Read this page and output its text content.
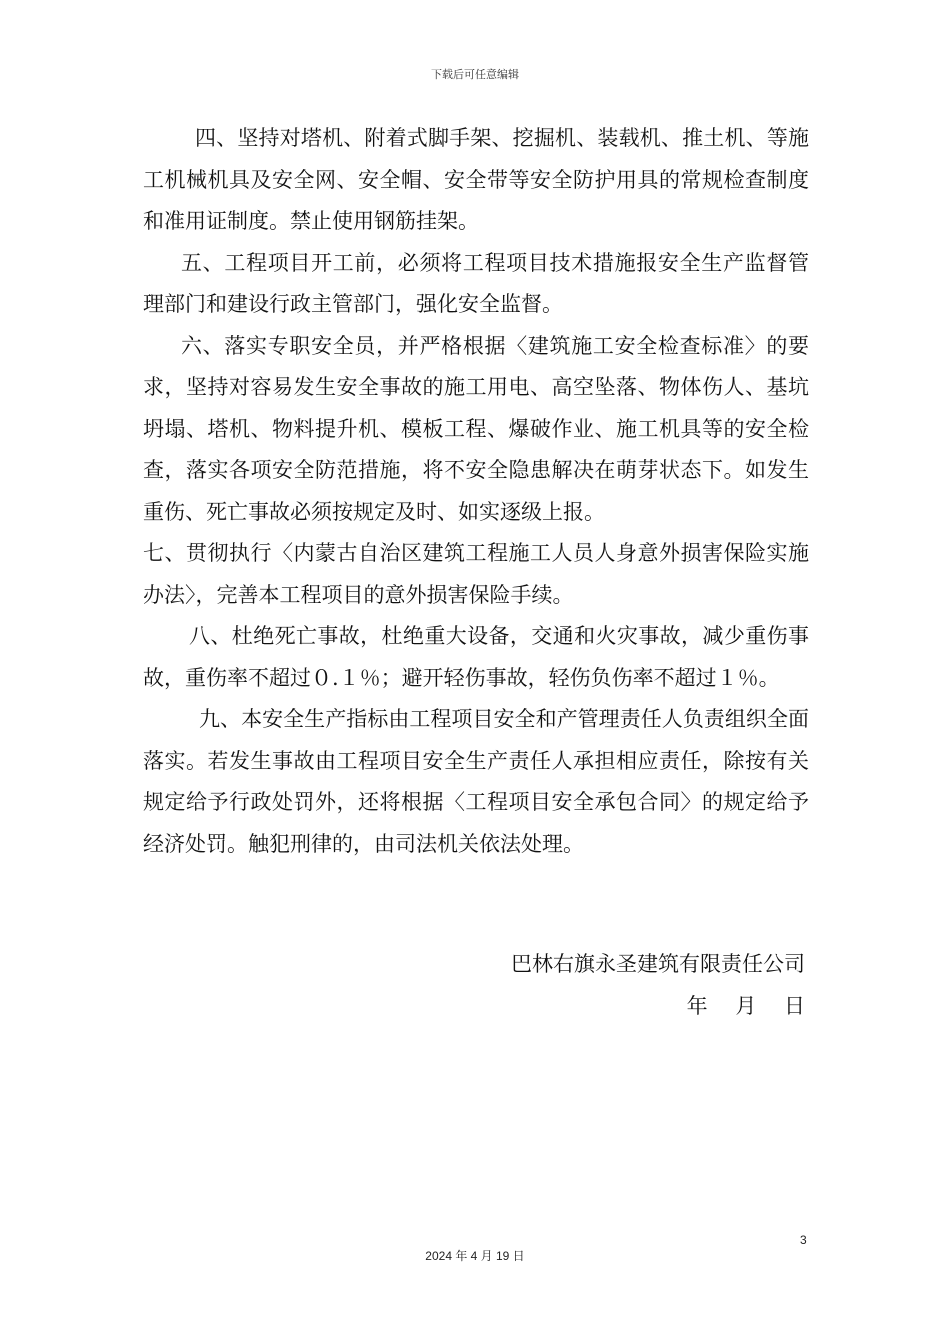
下载后可任意编辑

四、坚持对塔机、附着式脚手架、挖掘机、装载机、推土机、等施工机械机具及安全网、安全帽、安全带等安全防护用具的常规检查制度和准用证制度。禁止使用钢筋挂架。

五、工程项目开工前，必须将工程项目技术措施报安全生产监督管理部门和建设行政主管部门，强化安全监督。

六、落实专职安全员，并严格根据〈建筑施工安全检查标准〉的要求，坚持对容易发生安全事故的施工用电、高空坠落、物体伤人、基坑坍塌、塔机、物料提升机、模板工程、爆破作业、施工机具等的安全检查，落实各项安全防范措施，将不安全隐患解决在萌芽状态下。如发生重伤、死亡事故必须按规定及时、如实逐级上报。

七、贯彻执行〈内蒙古自治区建筑工程施工人员人身意外损害保险实施办法〉，完善本工程项目的意外损害保险手续。

八、杜绝死亡事故，杜绝重大设备，交通和火灾事故，减少重伤事故，重伤率不超过０.１％；避开轻伤事故，轻伤负伤率不超过１％。

九、本安全生产指标由工程项目安全和产管理责任人负责组织全面落实。若发生事故由工程项目安全生产责任人承担相应责任，除按有关规定给予行政处罚外，还将根据〈工程项目安全承包合同〉的规定给予经济处罚。触犯刑律的，由司法机关依法处理。

巴林右旗永圣建筑有限责任公司
年　 月　 日
3
2024 年 4 月 19 日
